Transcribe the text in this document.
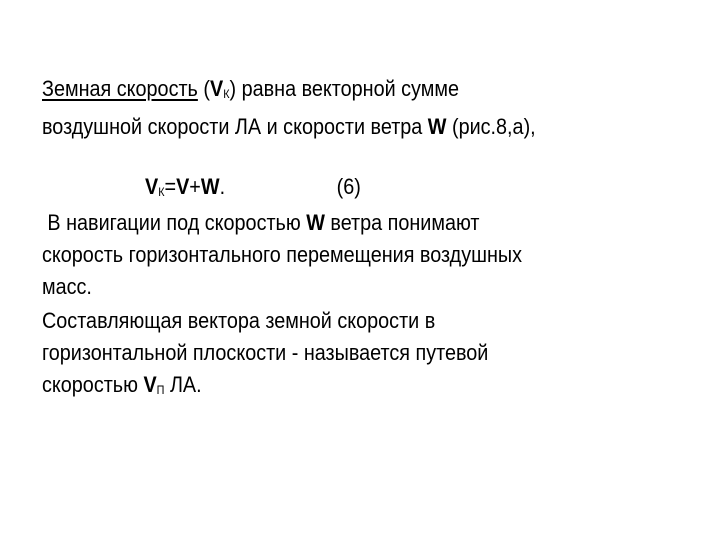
Земная скорость $(V_К)$ равна векторной сумме
воздушной скорости ЛА и скорости ветра W (рис.8,а),
$V_К=V+W$.	(6)
В навигации под скоростью W ветра понимают
скорость горизонтального перемещения воздушных
масс.
Составляющая вектора земной скорости в
горизонтальной плоскости - называется путевой
скоростью $V_П$ ЛА.
